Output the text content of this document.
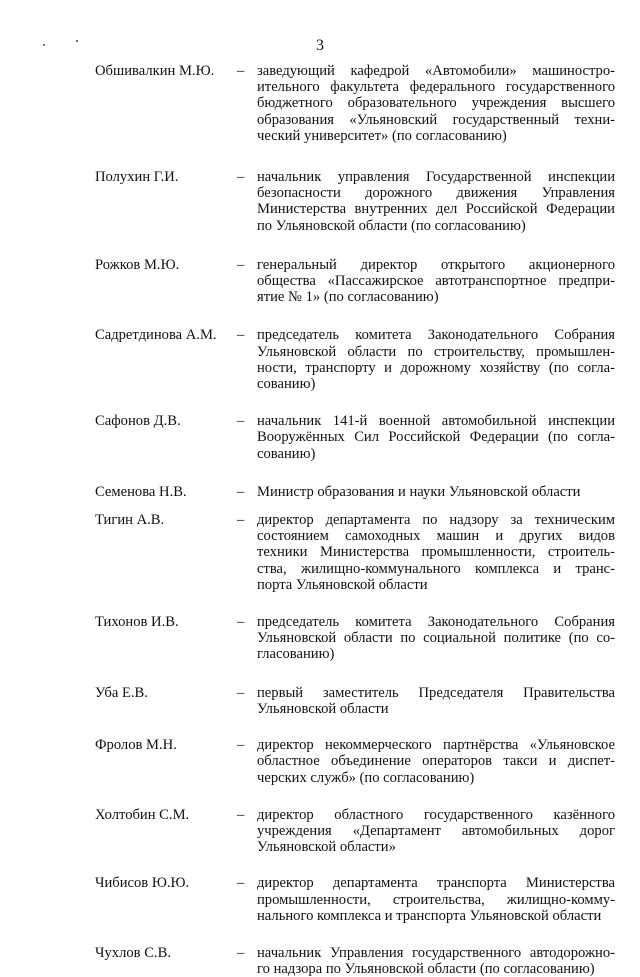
3
Обшивалкин М.Ю.	– заведующий кафедрой «Автомобили» машиностро-
ительного факультета федерального государственного
бюджетного образовательного учреждения высшего
образования «Ульяновский государственный техни-
ческий университет» (по согласованию)
Полухин Г.И.	– начальник управления Государственной инспекции
безопасности дорожного движения Управления
Министерства внутренних дел Российской Федерации
по Ульяновской области (по согласованию)
Рожков М.Ю.	– генеральный директор открытого акционерного
общества «Пассажирское автотранспортное предпри-
ятие № 1» (по согласованию)
Садретдинова А.М.	– председатель комитета Законодательного Собрания
Ульяновской области по строительству, промышлен-
ности, транспорту и дорожному хозяйству (по согла-
сованию)
Сафонов Д.В.	– начальник 141-й военной автомобильной инспекции
Вооружённых Сил Российской Федерации (по согла-
сованию)
Семенова Н.В.	– Министр образования и науки Ульяновской области
Тигин А.В.	– директор департамента по надзору за техническим
состоянием самоходных машин и других видов
техники Министерства промышленности, строитель-
ства, жилищно-коммунального комплекса и транс-
порта Ульяновской области
Тихонов И.В.	– председатель комитета Законодательного Собрания
Ульяновской области по социальной политике (по со-
гласованию)
Уба Е.В.	– первый заместитель Председателя Правительства
Ульяновской области
Фролов М.Н.	– директор некоммерческого партнёрства «Ульяновское
областное объединение операторов такси и диспет-
черских служб» (по согласованию)
Холтобин С.М.	– директор областного государственного казённого
учреждения «Департамент автомобильных дорог
Ульяновской области»
Чибисов Ю.Ю.	– директор департамента транспорта Министерства
промышленности, строительства, жилищно-комму-
нального комплекса и транспорта Ульяновской области
Чухлов С.В.	– начальник Управления государственного автодорожно-
го надзора по Ульяновской области (по согласованию)
